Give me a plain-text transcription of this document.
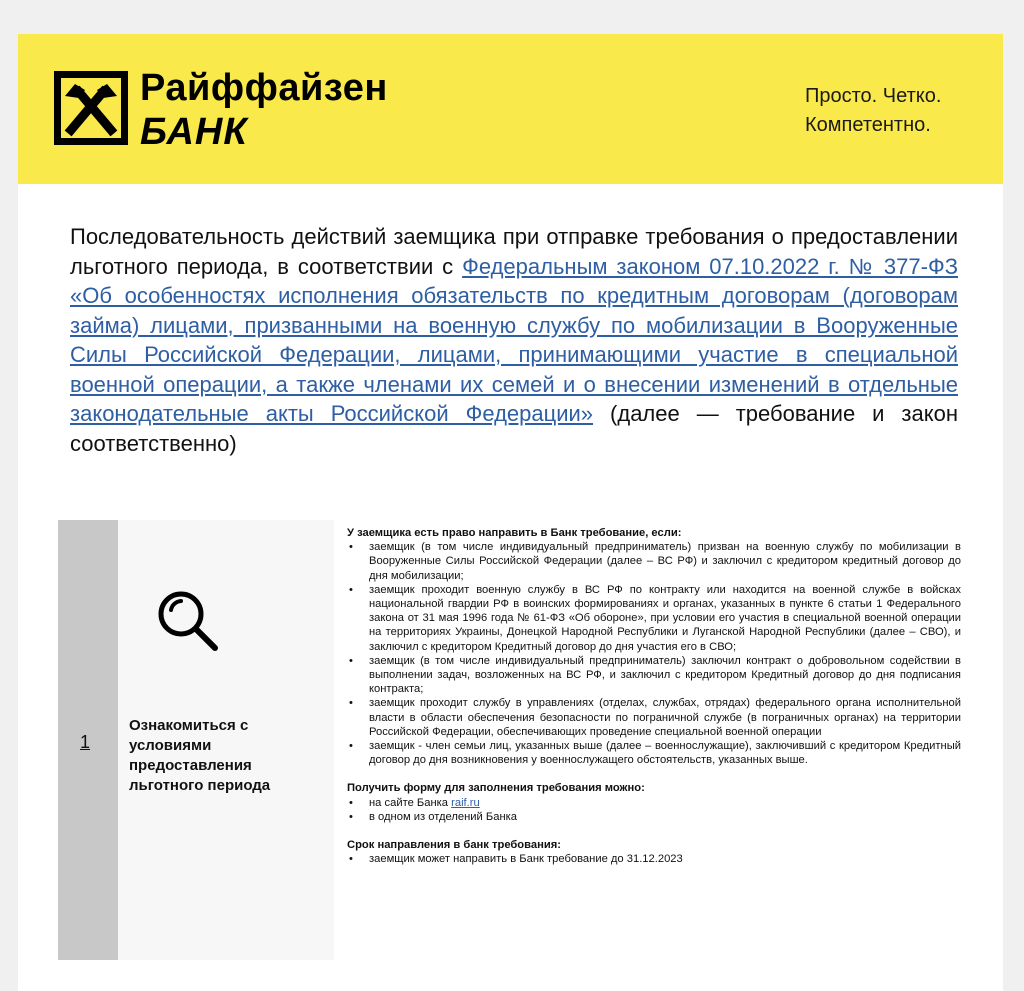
Райффайзен
БАНК
Просто. Четко.
Компетентно.
Последовательность действий заемщика при отправке требования о предоставлении льготного периода, в соответствии с Федеральным законом 07.10.2022 г. № 377-ФЗ «Об особенностях исполнения обязательств по кредитным договорам (договорам займа) лицами, призванными на военную службу по мобилизации в Вооруженные Силы Российской Федерации, лицами, принимающими участие в специальной военной операции, а также членами их семей и о внесении изменений в отдельные законодательные акты Российской Федерации» (далее — требование и закон соответственно)
1
Ознакомиться с условиями предоставления льготного периода
У заемщика есть право направить в Банк требование, если:
• заемщик (в том числе индивидуальный предприниматель) призван на военную службу по мобилизации в Вооруженные Силы Российской Федерации (далее – ВС РФ) и заключил с кредитором кредитный договор до дня мобилизации;
• заемщик проходит военную службу в ВС РФ по контракту или находится на военной службе в войсках национальной гвардии РФ в воинских формированиях и органах, указанных в пункте 6 статьи 1 Федерального закона от 31 мая 1996 года № 61-ФЗ «Об обороне», при условии его участия в специальной военной операции на территориях Украины, Донецкой Народной Республики и Луганской Народной Республики (далее – СВО), и заключил с кредитором Кредитный договор до дня участия его в СВО;
• заемщик (в том числе индивидуальный предприниматель) заключил контракт о добровольном содействии в выполнении задач, возложенных на ВС РФ, и заключил с кредитором Кредитный договор до дня подписания контракта;
• заемщик проходит службу в управлениях (отделах, службах, отрядах) федерального органа исполнительной власти в области обеспечения безопасности по пограничной службе (в пограничных органах) на территории Российской Федерации, обеспечивающих проведение специальной военной операции
• заемщик - член семьи лиц, указанных выше (далее – военнослужащие), заключивший с кредитором Кредитный договор до дня возникновения у военнослужащего обстоятельств, указанных выше.
Получить форму для заполнения требования можно:
• на сайте Банка raif.ru
• в одном из отделений Банка
Срок направления в банк требования:
• заемщик может направить в Банк требование до 31.12.2023
